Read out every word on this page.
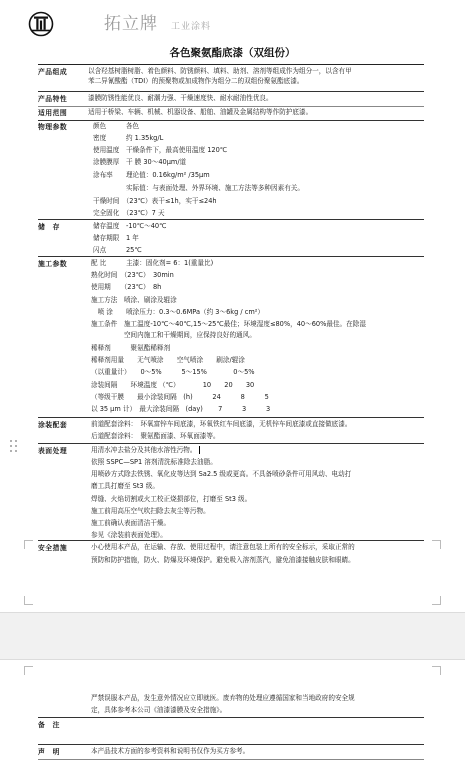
拓立牌 工业涂料
各色聚氨酯底漆（双组份）
产品组成	以含羟基树脂树脂、着色颜料、防锈颜料、填料、助剂、溶剂等组成作为组分一，以含有甲
苯二异氰酸酯（TDI）的预聚物或加成物作为组分二的双组份聚氨酯底漆。
产品特性	漆膜防锈性能优良、耐潮力强、干燥速度快、耐水耐油性优良。
适用范围	适用于桥梁、车辆、机械、机器设备、船舶、油罐及金属结构等作防护底漆。
物理参数	颜色　　　各色
密度　　　约 1.35kg/L
使用温度　干燥条件下，最高使用温度 120℃
涂膜膜厚　干 膜 30～40μm/道
涂布率　　理论值：0.16kg/m² /35μm
　　　　　实际值：与表面处理、外界环境、施工方法等多种因素有关。
干燥时间　（23℃）表干≤1h，实干≤24h
完全固化　（23℃）7 天
储　存	储存温度　-10℃～40℃
储存期限　1 年
闪点　　　25℃
施工参数	配 比　　　主漆：固化剂= 6：1(重量比)
熟化时间　（23℃）　30min
使用期　　（23℃）　8h
施工方法　喷涂、刷涂及辊涂
　喷 涂　　喷涂压力：0.3～0.6MPa（约 3～6kg / cm²）
施工条件　施工温度-10℃～40℃,15～25℃最佳；环境湿度≤80%，40～60%最佳。在除湿
　　　　　空间内施工和干燥期间，应保持良好的通风。
稀释剂　　　聚氨酯稀释剂
稀释剂用量　　无气喷涂　　空气喷涂　　刷涂/辊涂
（以重量计）　　0～5%　　　5～15%　　　　0～5%
涂装间隔　　环境温度 （℃）　　　　10　　20　　30
（等级干膜　　最小涂装间隔　(h)　　　24　　　8　　　5
以 35 μm 计）　最大涂装间隔　(day)　　 7　　　3　　　3
涂装配套	前道配套涂料：　环氧富锌车间底漆，环氧铁红车间底漆，无机锌车间底漆或直接做底漆。
后道配套涂料：　聚氨酯面漆、环氧面漆等。
表面处理	用清水冲去盐分及其他水溶性污物。
依照 SSPC—SP1 溶剂清洗标准除去油脂。
用喷砂方式除去铁锈、氧化皮等达到 Sa2.5 级或更高。不具备喷砂条件可用风动、电动打
磨工具打磨至 St3 级。
焊缝、火焰切割或火工校正烧损部位，打磨至 St3 级。
施工前用高压空气吹扫除去灰尘等污物。
施工前确认表面清洁干燥。
参见《涂装前表面处理》。
安全措施	小心使用本产品，在运输、存放、使用过程中，请注意包装上所有的安全标示，采取正常的
预防和防护措施，防火、防爆及环境保护。避免吸入溶剂蒸汽，避免油漆接触皮肤和眼睛。
严禁误服本产品，发生意外情况应立即就医。废弃物的处理应遵循国家和当地政府的安全规
定，具体参考本公司《油漆漆膜及安全措施》。
备　注
声　明	本产品技术方面的参考资料和说明书仅作为买方参考。
